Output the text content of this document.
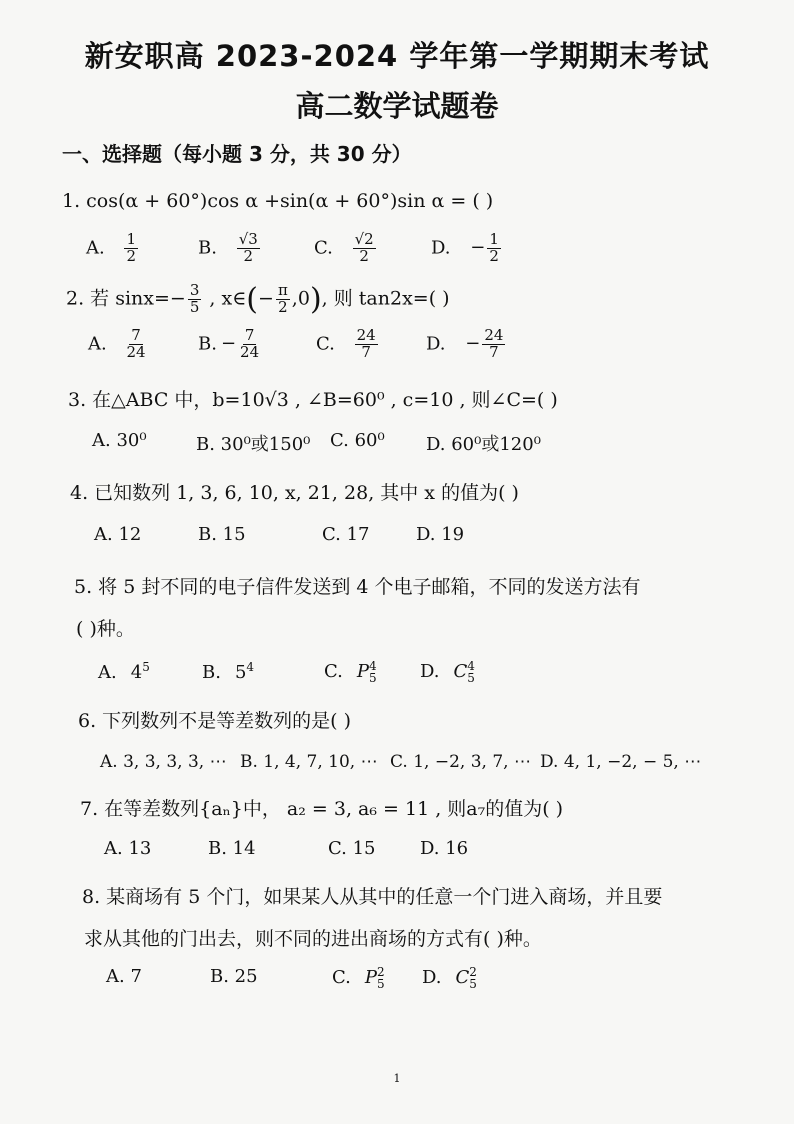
新安职高 2023-2024 学年第一学期期末考试
高二数学试题卷
一、选择题（每小题 3 分，共 30 分）
1. cos(α + 60°)cos α +sin(α + 60°)sin α = ( )
A. $\frac{1}{2}$	B. $\frac{√3}{2}$	C. $\frac{√2}{2}$	D. − $\frac{1}{2}$
2. 若 $\sin x=- \frac{3}{5}$ , x∈(− $\frac{\pi}{2} ,0$), 则 tan2x=( )
A. $\frac{7}{24}$	B. − $\frac{7}{24}$	C. $\frac{24}{7}$	D. − $\frac{24}{7}$
3. 在△ABC 中，b=10√3 , ∠B=60⁰ , c=10 , 则∠C=( )
A. 30⁰	B. 30⁰或150⁰ C. 60⁰ D. 60⁰或120⁰
4. 已知数列 1, 3, 6, 10, x, 21, 28, 其中 x 的值为( )
A. 12	B. 15	C. 17	D. 19
5. 将 5 封不同的电子信件发送到 4 个电子邮箱，不同的发送方法有
( )种。
A. $4^5$	B. $5^4$	C. P 4
5 D. C 4
5
6. 下列数列不是等差数列的是( )
A. 3, 3, 3, 3, ⋯ B. 1, 4, 7, 10, ⋯ C. 1, −2, 3, 7, ⋯ D. 4, 1, −2, − 5, ⋯
7. 在等差数列{aₙ}中， a₂ = 3, a₆ = 11 , 则a₇的值为( )
A. 13	B. 14	C. 15 D. 16
8. 某商场有 5 个门，如果某人从其中的任意一个门进入商场，并且要
求从其他的门出去，则不同的进出商场的方式有( )种。
A. 7	B. 25	C. P 2
5 D. C 2
5
1
